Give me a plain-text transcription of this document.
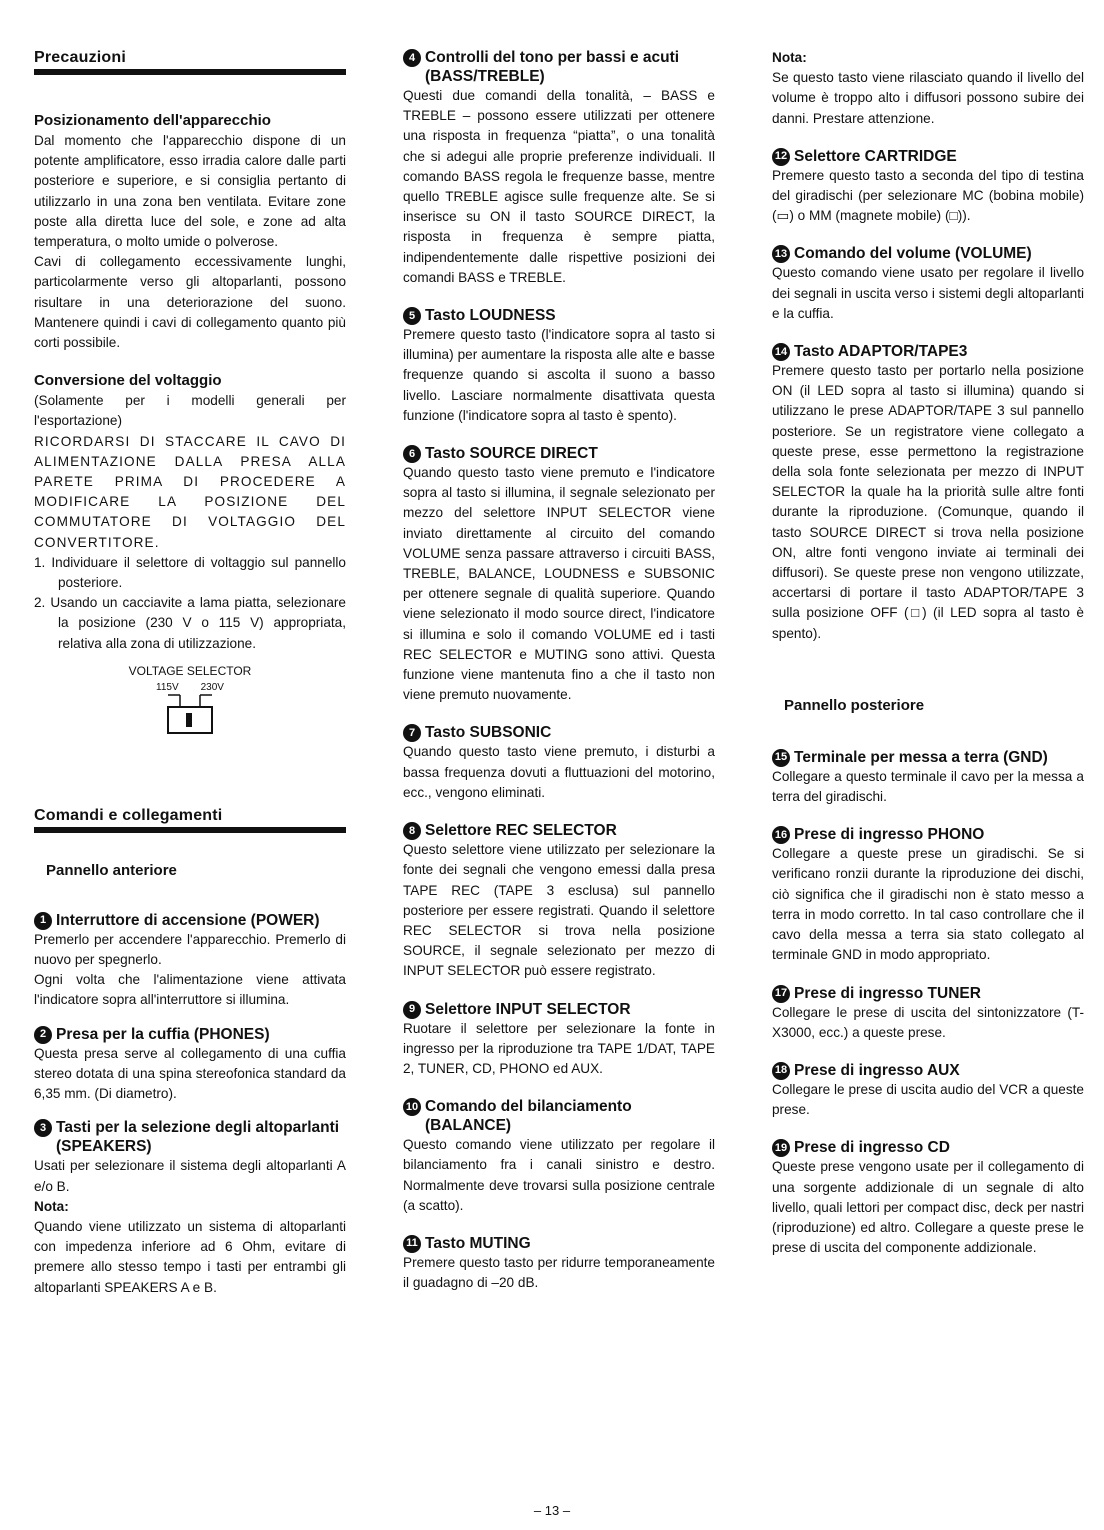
Precauzioni
Posizionamento dell'apparecchio

Dal momento che l'apparecchio dispone di un potente amplificatore, esso irradia calore dalle parti posteriore e superiore, e si consiglia pertanto di utilizzarlo in una zona ben ventilata. Evitare zone poste alla diretta luce del sole, e zone ad alta temperatura, o molto umide o polverose.

Cavi di collegamento eccessivamente lunghi, particolarmente verso gli altoparlanti, possono risultare in una deteriorazione del suono. Mantenere quindi i cavi di collegamento quanto più corti possibile.

Conversione del voltaggio

(Solamente per i modelli generali per l'esportazione)

RICORDARSI DI STACCARE IL CAVO DI ALIMENTAZIONE DALLA PRESA ALLA PARETE PRIMA DI PROCEDERE A MODIFICARE LA POSIZIONE DEL COMMUTATORE DI VOLTAGGIO DEL CONVERTITORE.

1. Individuare il selettore di voltaggio sul pannello posteriore.
2. Usando un cacciavite a lama piatta, selezionare la posizione (230 V o 115 V) appropriata, relativa alla zona di utilizzazione.
VOLTAGE SELECTOR
115V 230V
Comandi e collegamenti
Pannello anteriore
1 Interruttore di accensione (POWER)

Premerlo per accendere l'apparecchio. Premerlo di nuovo per spegnerlo.

Ogni volta che l'alimentazione viene attivata l'indicatore sopra all'interruttore si illumina.

2 Presa per la cuffia (PHONES)

Questa presa serve al collegamento di una cuffia stereo dotata di una spina stereofonica standard da 6,35 mm. (Di diametro).

3 Tasti per la selezione degli altoparlanti (SPEAKERS)

Usati per selezionare il sistema degli altoparlanti A e/o B.

Nota:

Quando viene utilizzato un sistema di altoparlanti con impedenza inferiore ad 6 Ohm, evitare di premere allo stesso tempo i tasti per entrambi gli altoparlanti SPEAKERS A e B.

4 Controlli del tono per bassi e acuti (BASS/TREBLE)

Questi due comandi della tonalità, – BASS e TREBLE – possono essere utilizzati per ottenere una risposta in frequenza “piatta”, o una tonalità che si adegui alle proprie preferenze individuali. Il comando BASS regola le frequenze basse, mentre quello TREBLE agisce sulle frequenze alte. Se si inserisce su ON il tasto SOURCE DIRECT, la risposta in frequenza è sempre piatta, indipendentemente dalle rispettive posizioni dei comandi BASS e TREBLE.

5 Tasto LOUDNESS

Premere questo tasto (l'indicatore sopra al tasto si illumina) per aumentare la risposta alle alte e basse frequenze quando si ascolta il suono a basso livello. Lasciare normalmente disattivata questa funzione (l'indicatore sopra al tasto è spento).

6 Tasto SOURCE DIRECT

Quando questo tasto viene premuto e l'indicatore sopra al tasto si illumina, il segnale selezionato per mezzo del selettore INPUT SELECTOR viene inviato direttamente al circuito del comando VOLUME senza passare attraverso i circuiti BASS, TREBLE, BALANCE, LOUDNESS e SUBSONIC per ottenere segnale di qualità superiore. Quando viene selezionato il modo source direct, l'indicatore si illumina e solo il comando VOLUME ed i tasti REC SELECTOR e MUTING sono attivi. Questa funzione viene mantenuta fino a che il tasto non viene premuto nuovamente.

7 Tasto SUBSONIC

Quando questo tasto viene premuto, i disturbi a bassa frequenza dovuti a fluttuazioni del motorino, ecc., vengono eliminati.

8 Selettore REC SELECTOR

Questo selettore viene utilizzato per selezionare la fonte dei segnali che vengono emessi dalla presa TAPE REC (TAPE 3 esclusa) sul pannello posteriore per essere registrati. Quando il selettore REC SELECTOR si trova nella posizione SOURCE, il segnale selezionato per mezzo di INPUT SELECTOR può essere registrato.

9 Selettore INPUT SELECTOR

Ruotare il selettore per selezionare la fonte in ingresso per la riproduzione tra TAPE 1/DAT, TAPE 2, TUNER, CD, PHONO ed AUX.

10 Comando del bilanciamento (BALANCE)

Questo comando viene utilizzato per regolare il bilanciamento fra i canali sinistro e destro. Normalmente deve trovarsi sulla posizione centrale (a scatto).

11 Tasto MUTING

Premere questo tasto per ridurre temporaneamente il guadagno di –20 dB.

Nota:

Se questo tasto viene rilasciato quando il livello del volume è troppo alto i diffusori possono subire dei danni. Prestare attenzione.

12 Selettore CARTRIDGE

Premere questo tasto a seconda del tipo di testina del giradischi (per selezionare MC (bobina mobile) (▭) o MM (magnete mobile) (□)).

13 Comando del volume (VOLUME)

Questo comando viene usato per regolare il livello dei segnali in uscita verso i sistemi degli altoparlanti e la cuffia.

14 Tasto ADAPTOR/TAPE3

Premere questo tasto per portarlo nella posizione ON (il LED sopra al tasto si illumina) quando si utilizzano le prese ADAPTOR/TAPE 3 sul pannello posteriore. Se un registratore viene collegato a queste prese, esse permettono la registrazione della sola fonte selezionata per mezzo di INPUT SELECTOR la quale ha la priorità sulle altre fonti durante la riproduzione. (Comunque, quando il tasto SOURCE DIRECT si trova nella posizione ON, altre fonti vengono inviate ai terminali dei diffusori). Se queste prese non vengono utilizzate, accertarsi di portare il tasto ADAPTOR/TAPE 3 sulla posizione OFF (□) (il LED sopra al tasto è spento).

Pannello posteriore
15 Terminale per messa a terra (GND)

Collegare a questo terminale il cavo per la messa a terra del giradischi.

16 Prese di ingresso PHONO

Collegare a queste prese un giradischi. Se si verificano ronzii durante la riproduzione dei dischi, ciò significa che il giradischi non è stato messo a terra in modo corretto. In tal caso controllare che il cavo della messa a terra sia stato collegato al terminale GND in modo appropriato.

17 Prese di ingresso TUNER

Collegare le prese di uscita del sintonizzatore (T-X3000, ecc.) a queste prese.

18 Prese di ingresso AUX

Collegare le prese di uscita audio del VCR a queste prese.

19 Prese di ingresso CD

Queste prese vengono usate per il collegamento di una sorgente addizionale di un segnale di alto livello, quali lettori per compact disc, deck per nastri (riproduzione) ed altro. Collegare a queste prese le prese di uscita del componente addizionale.

– 13 –
